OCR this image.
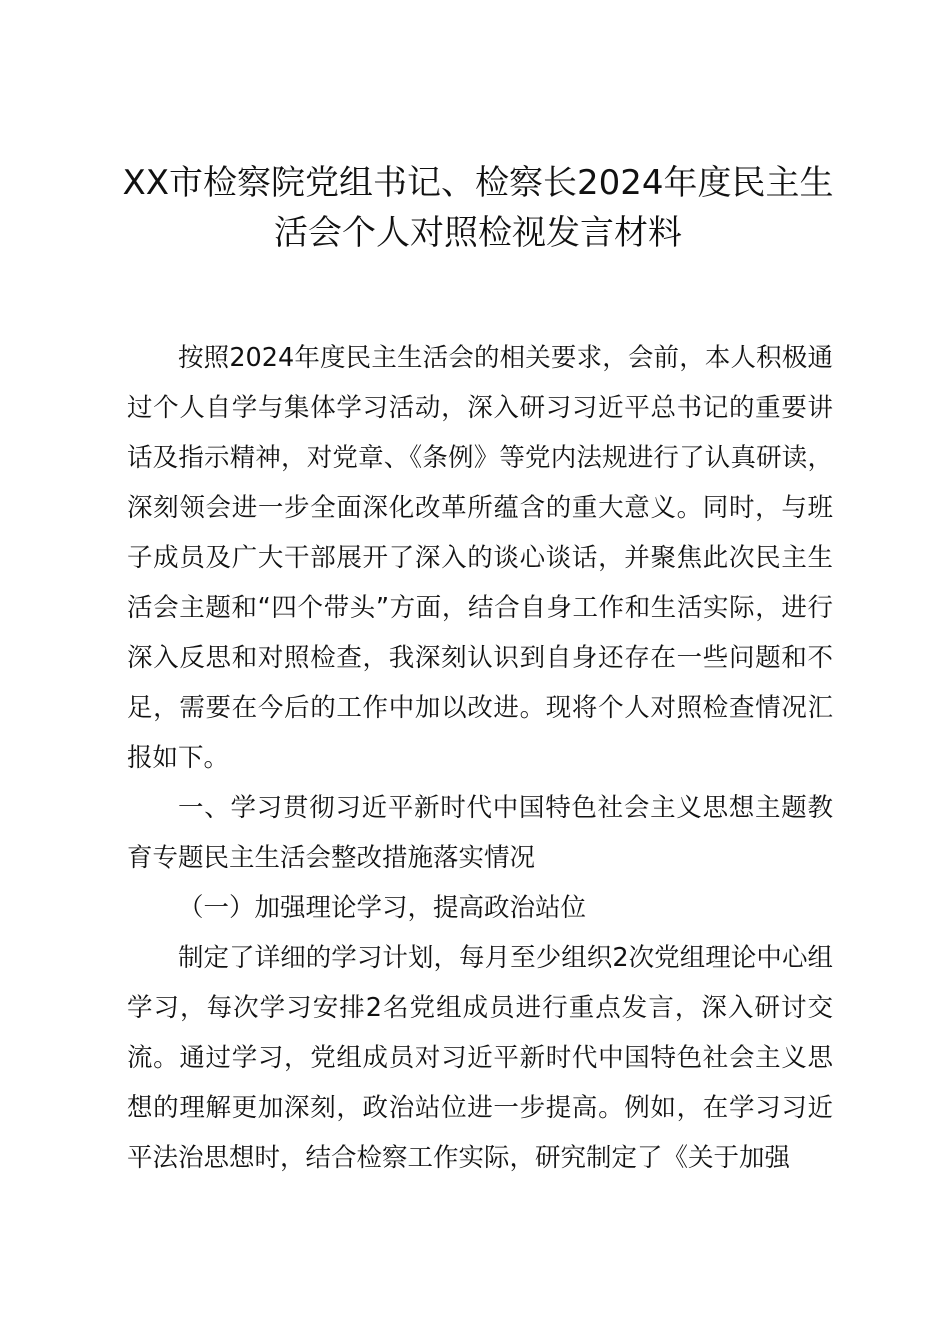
XX市检察院党组书记、检察长2024年度民主生活会个人对照检视发言材料

按照2024年度民主生活会的相关要求，会前，本人积极通过个人自学与集体学习活动，深入研习习近平总书记的重要讲话及指示精神，对党章、《条例》等党内法规进行了认真研读，深刻领会进一步全面深化改革所蕴含的重大意义。同时，与班子成员及广大干部展开了深入的谈心谈话，并聚焦此次民主生活会主题和“四个带头”方面，结合自身工作和生活实际，进行深入反思和对照检查，我深刻认识到自身还存在一些问题和不足，需要在今后的工作中加以改进。现将个人对照检查情况汇报如下。

一、学习贯彻习近平新时代中国特色社会主义思想主题教育专题民主生活会整改措施落实情况

（一）加强理论学习，提高政治站位

制定了详细的学习计划，每月至少组织2次党组理论中心组学习，每次学习安排2名党组成员进行重点发言，深入研讨交流。通过学习，党组成员对习近平新时代中国特色社会主义思想的理解更加深刻，政治站位进一步提高。例如，在学习习近平法治思想时，结合检察工作实际，研究制定了《关于加强
